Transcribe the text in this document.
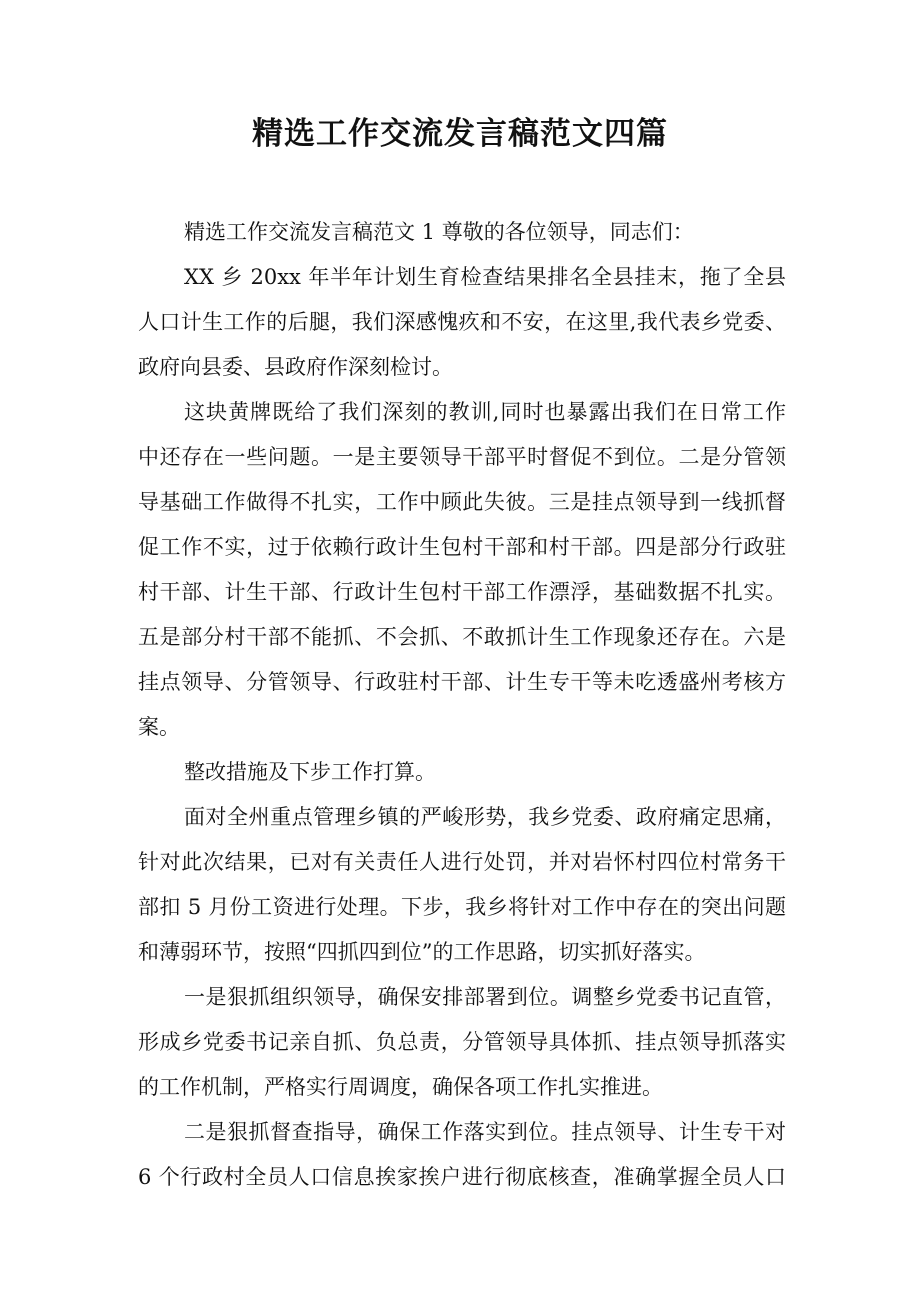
精选工作交流发言稿范文四篇
精选工作交流发言稿范文 1 尊敬的各位领导，同志们：
XX 乡 20xx 年半年计划生育检查结果排名全县挂末，拖了全县
人口计生工作的后腿，我们深感愧疚和不安，在这里,我代表乡党委、
政府向县委、县政府作深刻检讨。
这块黄牌既给了我们深刻的教训,同时也暴露出我们在日常工作
中还存在一些问题。一是主要领导干部平时督促不到位。二是分管领
导基础工作做得不扎实，工作中顾此失彼。三是挂点领导到一线抓督
促工作不实，过于依赖行政计生包村干部和村干部。四是部分行政驻
村干部、计生干部、行政计生包村干部工作漂浮，基础数据不扎实。
五是部分村干部不能抓、不会抓、不敢抓计生工作现象还存在。六是
挂点领导、分管领导、行政驻村干部、计生专干等未吃透盛州考核方
案。
整改措施及下步工作打算。
面对全州重点管理乡镇的严峻形势，我乡党委、政府痛定思痛，
针对此次结果，已对有关责任人进行处罚，并对岩怀村四位村常务干
部扣 5 月份工资进行处理。下步，我乡将针对工作中存在的突出问题
和薄弱环节，按照“四抓四到位”的工作思路，切实抓好落实。
一是狠抓组织领导，确保安排部署到位。调整乡党委书记直管，
形成乡党委书记亲自抓、负总责，分管领导具体抓、挂点领导抓落实
的工作机制，严格实行周调度，确保各项工作扎实推进。
二是狠抓督查指导，确保工作落实到位。挂点领导、计生专干对
6 个行政村全员人口信息挨家挨户进行彻底核查，准确掌握全员人口
